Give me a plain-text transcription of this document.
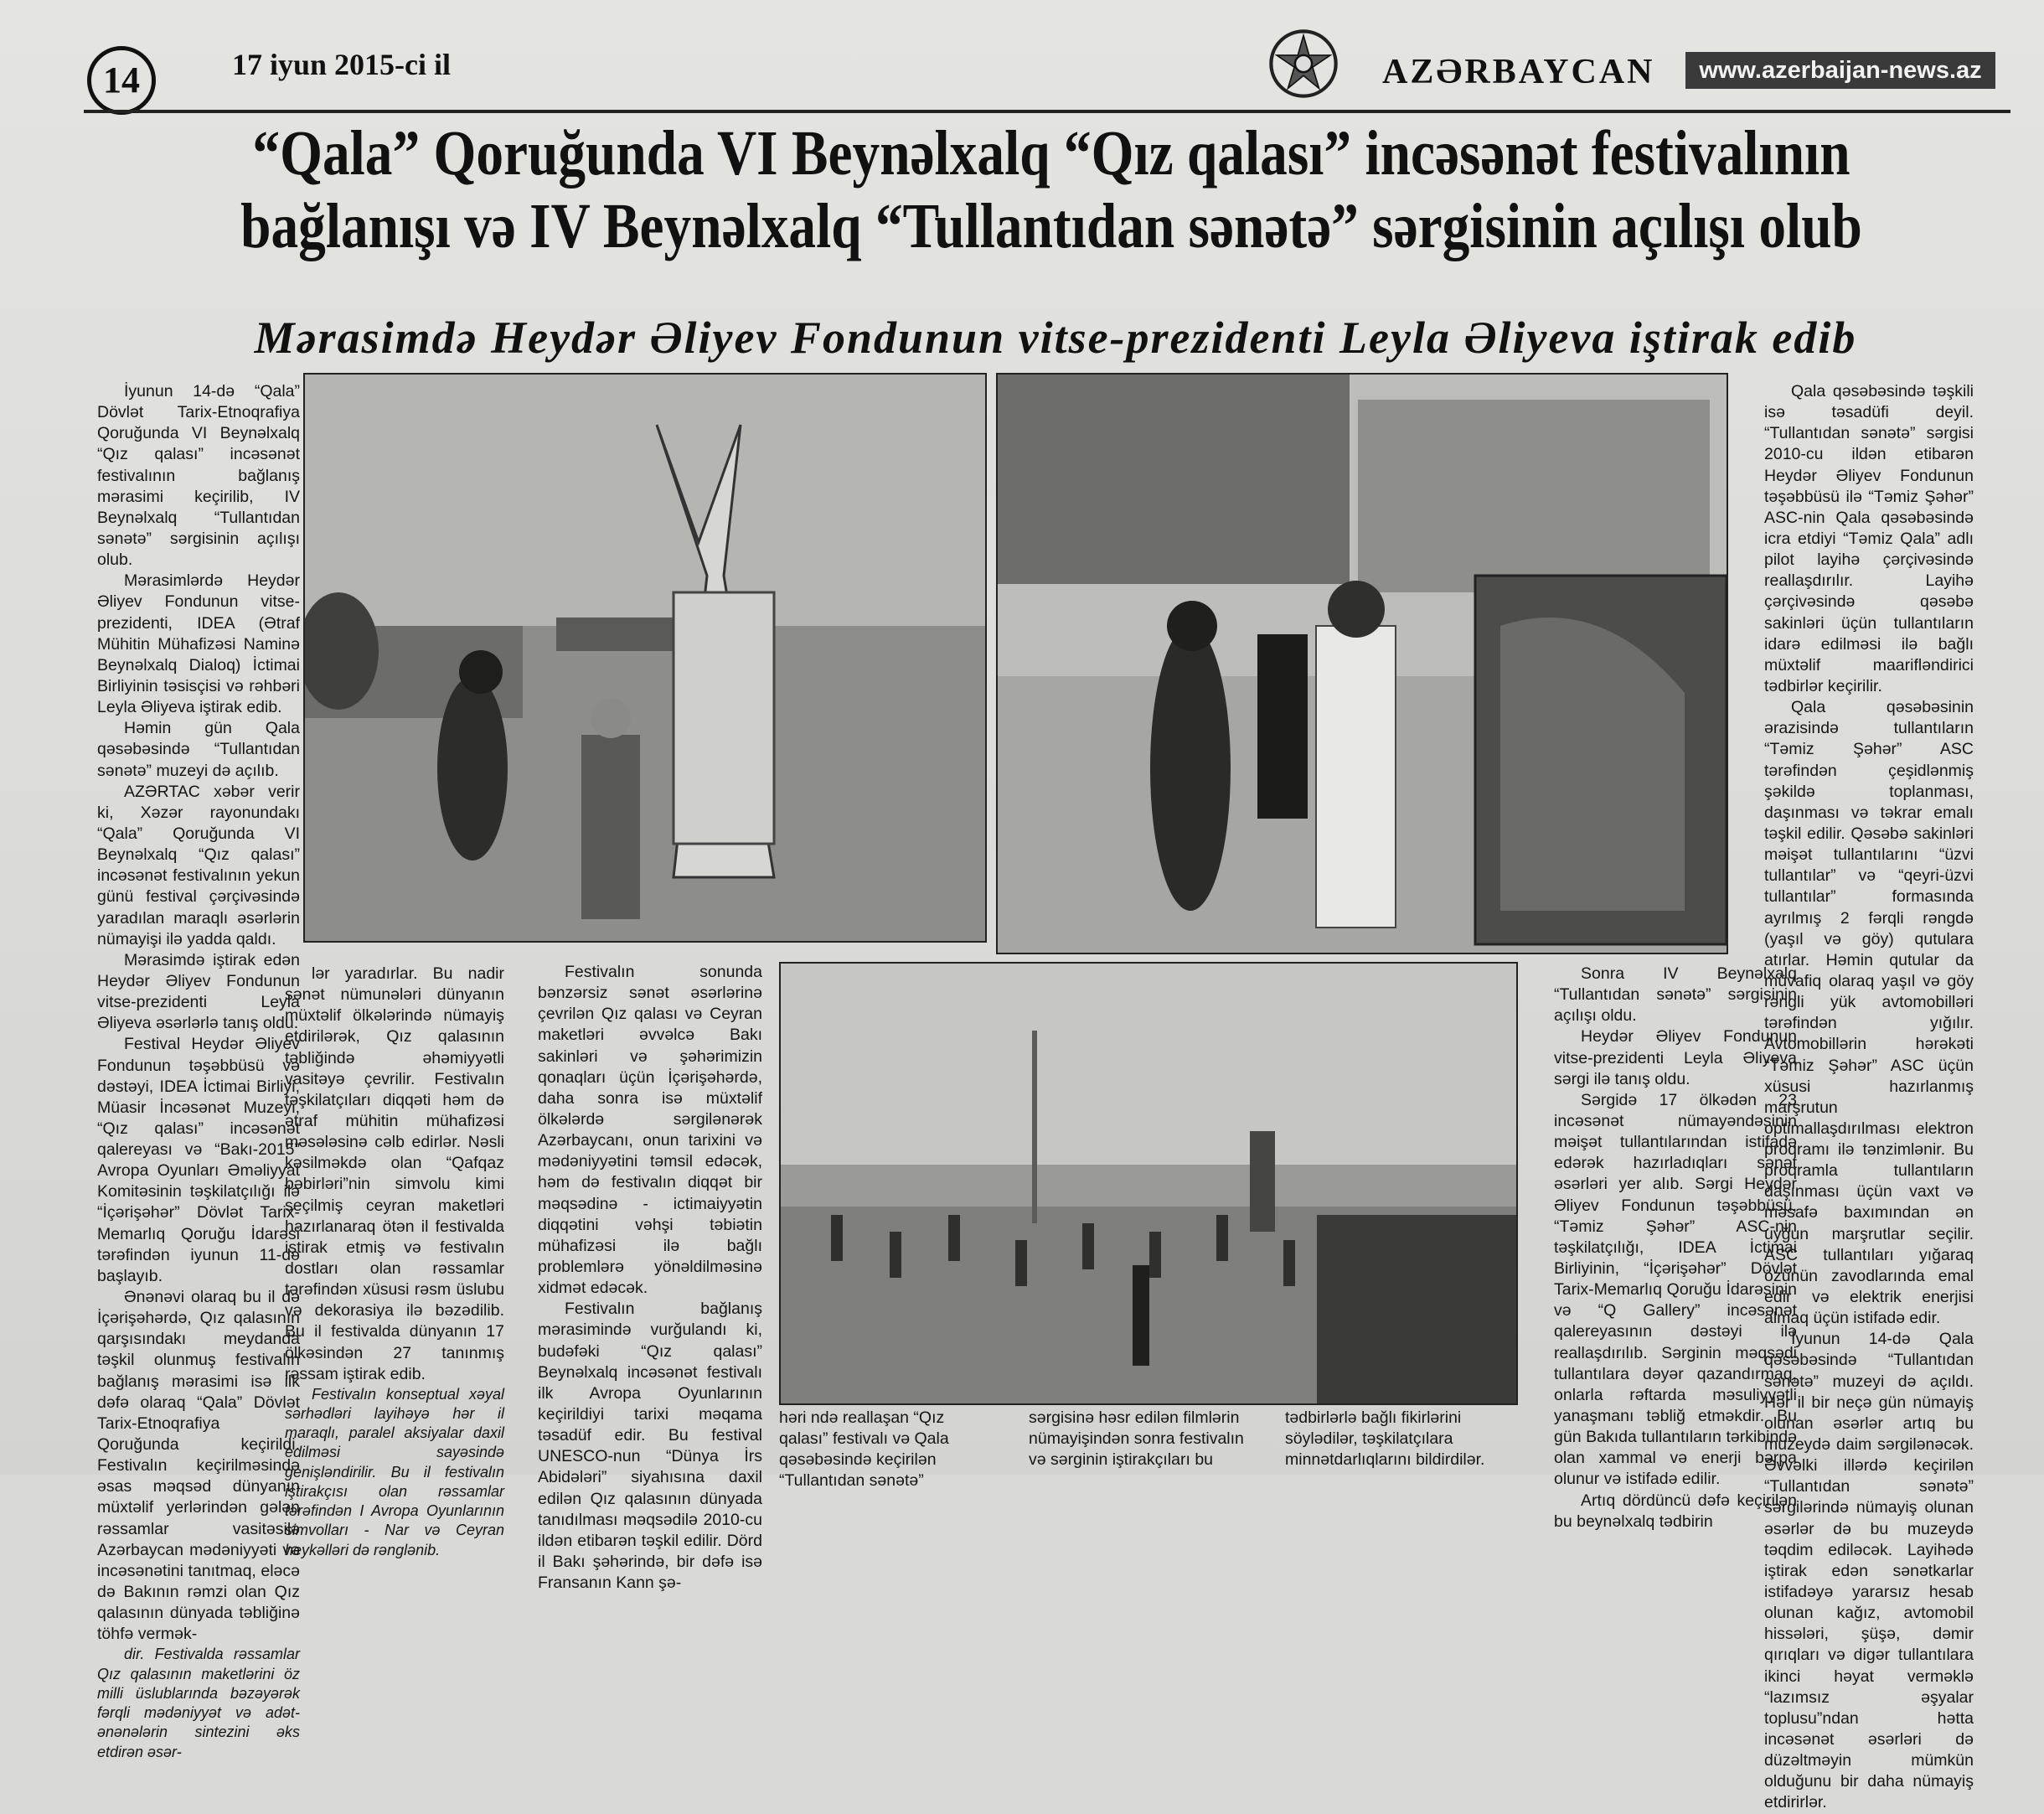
14	17 iyun 2015-ci il	AZƏRBAYCAN	www.azerbaijan-news.az
“Qala” Qoruğunda VI Beynəlxalq “Qız qalası” incəsənət festivalının
bağlanışı və IV Beynəlxalq “Tullantıdan sənətə” sərgisinin açılışı olub
Mərasimdə Heydər Əliyev Fondunun vitse-prezidenti Leyla Əliyeva iştirak edib

İyunun 14-də “Qala” Dövlət Tarix-Etnoqrafiya Qoruğunda VI Beynəlxalq “Qız qalası” incəsənət festivalının bağlanış mərasimi keçirilib, IV Beynəlxalq “Tullantıdan sənətə” sərgisinin açılışı olub.

Mərasimlərdə Heydər Əliyev Fondunun vitse-prezidenti, IDEA (Ətraf Mühitin Mühafizəsi Naminə Beynəlxalq Dialoq) İctimai Birliyinin təsisçisi və rəhbəri Leyla Əliyeva iştirak edib.

Həmin gün Qala qəsəbəsində “Tullantıdan sənətə” muzeyi də açılıb.

AZƏRTAC xəbər verir ki, Xəzər rayonundakı “Qala” Qoruğunda VI Beynəlxalq “Qız qalası” incəsənət festivalının yekun günü festival çərçivəsində yaradılan maraqlı əsərlərin nümayişi ilə yadda qaldı.

Mərasimdə iştirak edən Heydər Əliyev Fondunun vitse-prezidenti Leyla Əliyeva əsərlərlə tanış oldu.

Festival Heydər Əliyev Fondunun təşəbbüsü və dəstəyi, IDEA İctimai Birliyi, Müasir İncəsənət Muzeyi, “Qız qalası” incəsənət qalereyası və “Bakı-2015” Avropa Oyunları Əməliyyat Komitəsinin təşkilatçılığı ilə “İçərişəhər” Dövlət Tarix-Memarlıq Qoruğu İdarəsi tərəfindən iyunun 11-də başlayıb.

Ənənəvi olaraq bu il də İçərişəhərdə, Qız qalasının qarşısındakı meydanda təşkil olunmuş festivalın bağlanış mərasimi isə ilk dəfə olaraq “Qala” Dövlət Tarix-Etnoqrafiya Qoruğunda keçirildi. Festivalın keçirilməsində əsas məqsəd dünyanın müxtəlif yerlərindən gələn rəssamlar vasitəsilə Azərbaycan mədəniyyəti və incəsənətini tanıtmaq, eləcə də Bakının rəmzi olan Qız qalasının dünyada təbliğinə töhfə vermək-

dir. Festivalda rəssamlar Qız qalasının maketlərini öz milli üslublarında bəzəyərək fərqli mədəniyyət və adət-ənənələrin sintezini əks etdirən əsər-

lər yaradırlar. Bu nadir sənət nümunələri dünyanın müxtəlif ölkələrində nümayiş etdirilərək, Qız qalasının təbliğində əhəmiyyətli vasitəyə çevrilir. Festivalın təşkilatçıları diqqəti həm də ətraf mühitin mühafizəsi məsələsinə cəlb edirlər. Nəsli kəsilməkdə olan “Qafqaz bəbirləri”nin simvolu kimi seçilmiş ceyran maketləri hazırlanaraq ötən il festivalda iştirak etmiş və festivalın dostları olan rəssamlar tərəfindən xüsusi rəsm üslubu və dekorasiya ilə bəzədilib. Bu il festivalda dünyanın 17 ölkəsindən 27 tanınmış rəssam iştirak edib.

Festivalın konseptual xəyal sərhədləri layihəyə hər il maraqlı, paralel aksiyalar daxil edilməsi sayəsində genişləndirilir. Bu il festivalın iştirakçısı olan rəssamlar tərəfindən I Avropa Oyunlarının simvolları - Nar və Ceyran heykəlləri də rənglənib.

Festivalın sonunda bənzərsiz sənət əsərlərinə çevrilən Qız qalası və Ceyran maketləri əvvəlcə Bakı sakinləri və şəhərimizin qonaqları üçün İçərişəhərdə, daha sonra isə müxtəlif ölkələrdə sərgilənərək Azərbaycanı, onun tarixini və mədəniyyətini təmsil edəcək, həm də festivalın diqqət bir məqsədinə - ictimaiyyətin diqqətini vəhşi təbiətin mühafizəsi ilə bağlı problemlərə yönəldilməsinə xidmət edəcək.

Festivalın bağlanış mərasimində vurğulandı ki, budəfəki “Qız qalası” Beynəlxalq incəsənət festivalı ilk Avropa Oyunlarının keçirildiyi tarixi məqama təsadüf edir. Bu festival UNESCO-nun “Dünya İrs Abidələri” siyahısına daxil edilən Qız qalasının dünyada tanıdılması məqsədilə 2010-cu ildən etibarən təşkil edilir. Dörd il Bakı şəhərində, bir dəfə isə Fransanın Kann şə-

həri ndə reallaşan “Qız qalası” festivalı və Qala qəsəbəsində keçirilən “Tullantıdan sənətə”
sərgisinə həsr edilən filmlərin nümayişindən sonra festivalın və sərginin iştirakçıları bu
tədbirlərlə bağlı fikirlərini söylədilər, təşkilatçılara minnətdarlıqlarını bildirdilər.

Sonra IV Beynəlxalq “Tullantıdan sənətə” sərgisinin açılışı oldu.

Heydər Əliyev Fondunun vitse-prezidenti Leyla Əliyeva sərgi ilə tanış oldu.

Sərgidə 17 ölkədən 23 incəsənət nümayəndəsinin məişət tullantılarından istifadə edərək hazırladıqları sənət əsərləri yer alıb. Sərgi Heydər Əliyev Fondunun təşəbbüsü, “Təmiz Şəhər” ASC-nin təşkilatçılığı, IDEA İctimai Birliyinin, “İçərişəhər” Dövlət Tarix-Memarlıq Qoruğu İdarəsinin və “Q Gallery” incəsənət qalereyasının dəstəyi ilə reallaşdırılıb. Sərginin məqsədi tullantılara dəyər qazandırmaq, onlarla rəftarda məsuliyyətli yanaşmanı təbliğ etməkdir. Bu gün Bakıda tullantıların tərkibində olan xammal və enerji bərpa olunur və istifadə edilir.

Artıq dördüncü dəfə keçirilən bu beynəlxalq tədbirin

Qala qəsəbəsində təşkili isə təsadüfi deyil. “Tullantıdan sənətə” sərgisi 2010-cu ildən etibarən Heydər Əliyev Fondunun təşəbbüsü ilə “Təmiz Şəhər” ASC-nin Qala qəsəbəsində icra etdiyi “Təmiz Qala” adlı pilot layihə çərçivəsində reallaşdırılır. Layihə çərçivəsində qəsəbə sakinləri üçün tullantıların idarə edilməsi ilə bağlı müxtəlif maarifləndirici tədbirlər keçirilir.

Qala qəsəbəsinin ərazisində tullantıların “Təmiz Şəhər” ASC tərəfindən çeşidlənmiş şəkildə toplanması, daşınması və təkrar emalı təşkil edilir. Qəsəbə sakinləri məişət tullantılarını “üzvi tullantılar” və “qeyri-üzvi tullantılar” formasında ayrılmış 2 fərqli rəngdə (yaşıl və göy) qutulara atırlar. Həmin qutular da müvafiq olaraq yaşıl və göy rəngli yük avtomobilləri tərəfindən yığılır. Avtomobillərin hərəkəti “Təmiz Şəhər” ASC üçün xüsusi hazırlanmış marşrutun optimallaşdırılması elektron proqramı ilə tənzimlənir. Bu proqramla tullantıların daşınması üçün vaxt və məsafə baxımından ən uyğun marşrutlar seçilir. ASC tullantıları yığaraq özünün zavodlarında emal edir və elektrik enerjisi almaq üçün istifadə edir.

İyunun 14-də Qala qəsəbəsində “Tullantıdan sənətə” muzeyi də açıldı. Hər il bir neçə gün nümayiş olunan əsərlər artıq bu muzeydə daim sərgilənəcək. Əvvəlki illərdə keçirilən “Tullantıdan sənətə” sərgilərində nümayiş olunan əsərlər də bu muzeydə təqdim ediləcək. Layihədə iştirak edən sənətkarlar istifadəyə yararsız hesab olunan kağız, avtomobil hissələri, şüşə, dəmir qırıqları və digər tullantılara ikinci həyat verməklə “lazımsız əşyalar toplusu”ndan hətta incəsənət əsərləri də düzəltməyin mümkün olduğunu bir daha nümayiş etdirirlər.
